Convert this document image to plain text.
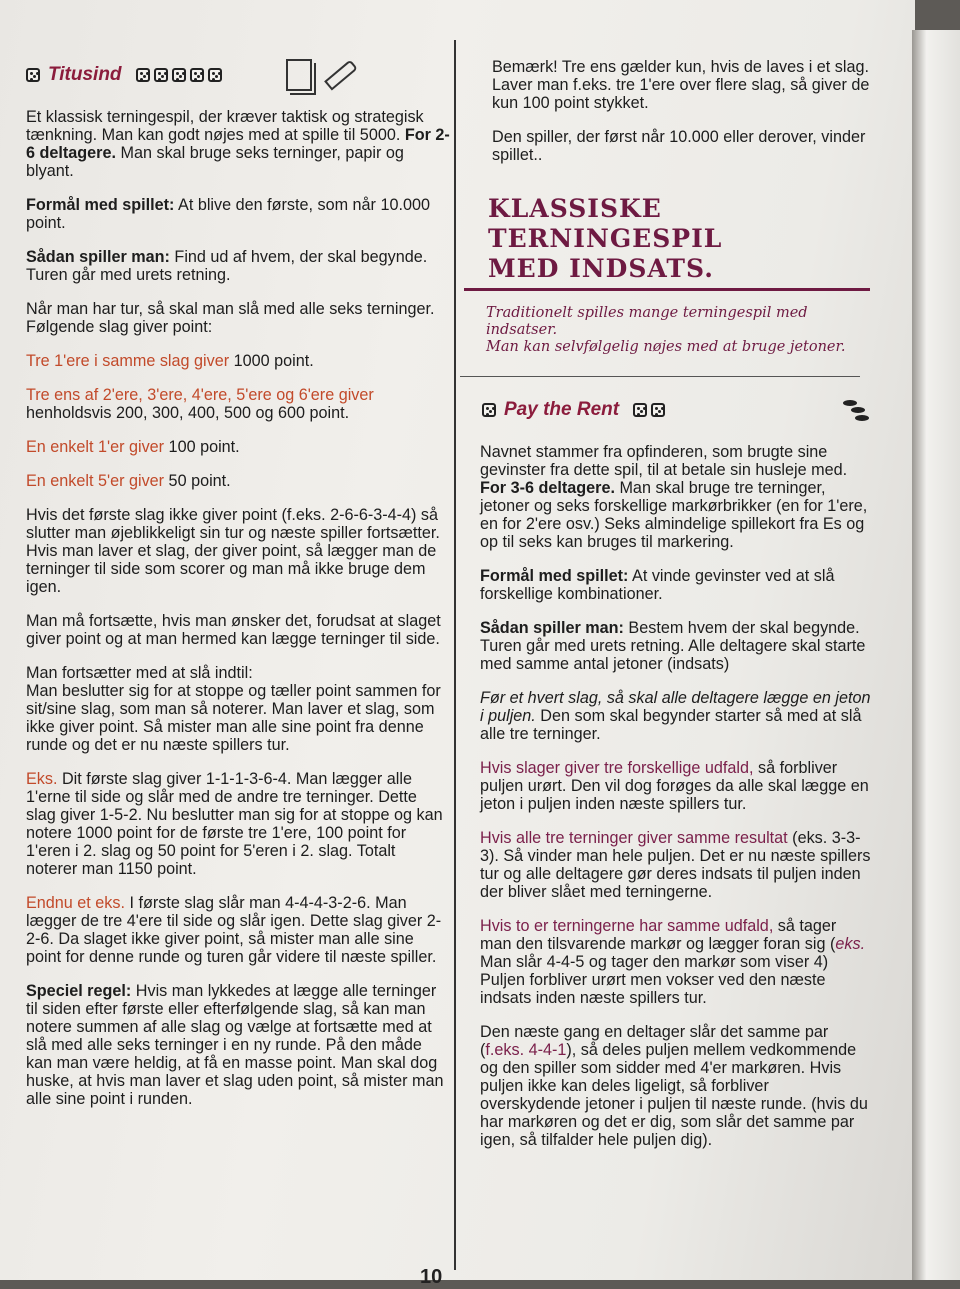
Titusind

Et klassisk terningespil, der kræver taktisk og strategisk tænkning. Man kan godt nøjes med at spille til 5000. For 2-6 deltagere. Man skal bruge seks terninger, papir og blyant.

Formål med spillet: At blive den første, som når 10.000 point.

Sådan spiller man: Find ud af hvem, der skal begynde. Turen går med urets retning.

Når man har tur, så skal man slå med alle seks terninger. Følgende slag giver point:

Tre 1'ere i samme slag giver 1000 point.

Tre ens af 2'ere, 3'ere, 4'ere, 5'ere og 6'ere giver henholdsvis 200, 300, 400, 500 og 600 point.

En enkelt 1'er giver 100 point.

En enkelt 5'er giver 50 point.

Hvis det første slag ikke giver point (f.eks. 2-6-6-3-4-4) så slutter man øjeblikkeligt sin tur og næste spiller fortsætter. Hvis man laver et slag, der giver point, så lægger man de terninger til side som scorer og man må ikke bruge dem igen.

Man må fortsætte, hvis man ønsker det, forudsat at slaget giver point og at man hermed kan lægge terninger til side.

Man fortsætter med at slå indtil:
Man beslutter sig for at stoppe og tæller point sammen for sit/sine slag, som man så noterer. Man laver et slag, som ikke giver point. Så mister man alle sine point fra denne runde og det er nu næste spillers tur.

Eks. Dit første slag giver 1-1-1-3-6-4. Man lægger alle 1'erne til side og slår med de andre tre terninger. Dette slag giver 1-5-2. Nu beslutter man sig for at stoppe og kan notere 1000 point for de første tre 1'ere, 100 point for 1'eren i 2. slag og 50 point for 5'eren i 2. slag. Totalt noterer man 1150 point.

Endnu et eks. I første slag slår man 4-4-4-3-2-6. Man lægger de tre 4'ere til side og slår igen. Dette slag giver 2-2-6. Da slaget ikke giver point, så mister man alle sine point for denne runde og turen går videre til næste spiller.

Speciel regel: Hvis man lykkedes at lægge alle terninger til siden efter første eller efterfølgende slag, så kan man notere summen af alle slag og vælge at fortsætte med at slå med alle seks terninger i en ny runde. På den måde kan man være heldig, at få en masse point. Man skal dog huske, at hvis man laver et slag uden point, så mister man alle sine point i runden.

Bemærk! Tre ens gælder kun, hvis de laves i et slag. Laver man f.eks. tre 1'ere over flere slag, så giver de kun 100 point stykket.

Den spiller, der først når 10.000 eller derover, vinder spillet..

KLASSISKE TERNINGESPIL
MED INDSATS.
Traditionelt spilles mange terningespil med indsatser.
Man kan selvfølgelig nøjes med at bruge jetoner.
Pay the Rent

Navnet stammer fra opfinderen, som brugte sine gevinster fra dette spil, til at betale sin husleje med. For 3-6 deltagere. Man skal bruge tre terninger, jetoner og seks forskellige markørbrikker (en for 1'ere, en for 2'ere osv.) Seks almindelige spillekort fra Es og op til seks kan bruges til markering.

Formål med spillet: At vinde gevinster ved at slå forskellige kombinationer.

Sådan spiller man: Bestem hvem der skal begynde. Turen går med urets retning. Alle deltagere skal starte med samme antal jetoner (indsats)

Før et hvert slag, så skal alle deltagere lægge en jeton i puljen. Den som skal begynder starter så med at slå alle tre terninger.

Hvis slager giver tre forskellige udfald, så forbliver puljen urørt. Den vil dog forøges da alle skal lægge en jeton i puljen inden næste spillers tur.

Hvis alle tre terninger giver samme resultat (eks. 3-3-3). Så vinder man hele puljen. Det er nu næste spillers tur og alle deltagere gør deres indsats til puljen inden der bliver slået med terningerne.

Hvis to er terningerne har samme udfald, så tager man den tilsvarende markør og lægger foran sig (eks. Man slår 4-4-5 og tager den markør som viser 4) Puljen forbliver urørt men vokser ved den næste indsats inden næste spillers tur.

Den næste gang en deltager slår det samme par (f.eks. 4-4-1), så deles puljen mellem vedkommende og den spiller som sidder med 4'er markøren. Hvis puljen ikke kan deles ligeligt, så forbliver overskydende jetoner i puljen til næste runde. (hvis du har markøren og det er dig, som slår det samme par igen, så tilfalder hele puljen dig).

10
